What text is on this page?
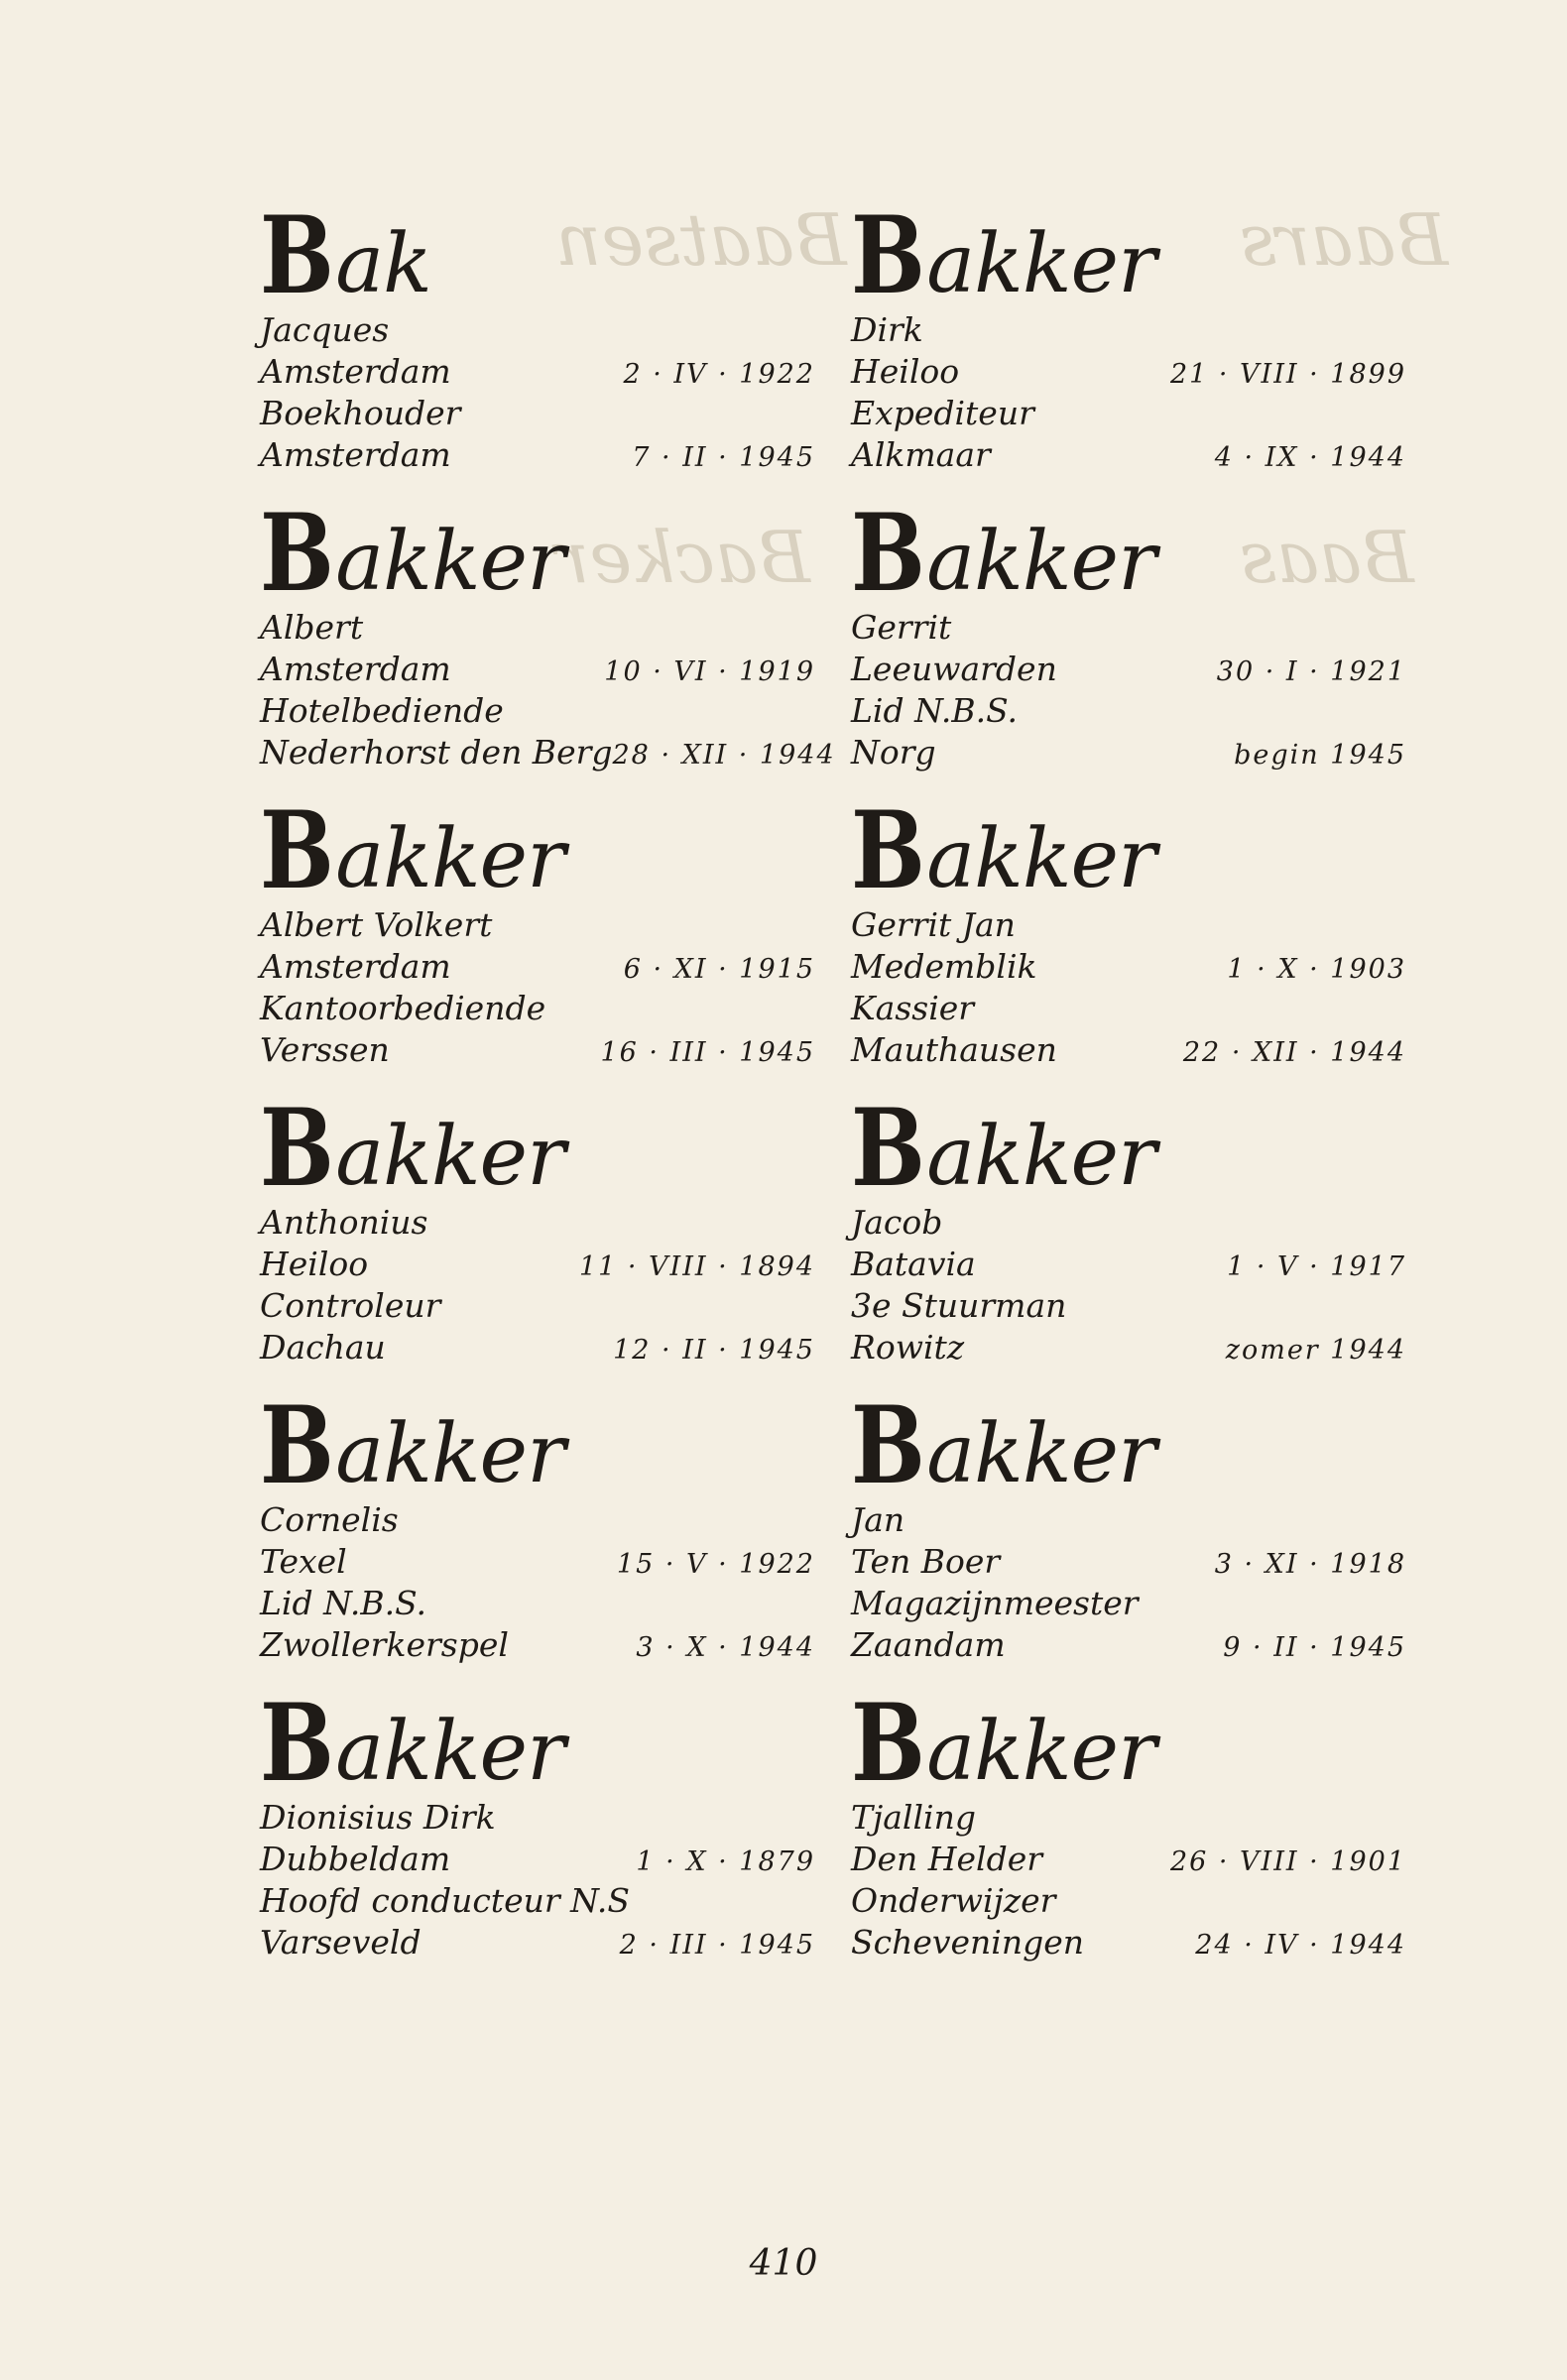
Baatsen	Baars
Backer	Baas
B ak
Jacques
Amsterdam	2 · IV · 1922
Boekhouder
Amsterdam	7 · II · 1945
B akker
Albert
Amsterdam	10 · VI · 1919
Hotelbediende
Nederhorst den Berg 28 · XII · 1944
B akker
Albert Volkert
Amsterdam	6 · XI · 1915
Kantoorbediende
Verssen	16 · III · 1945
B akker
Anthonius
Heiloo	11 · VIII · 1894
Controleur
Dachau	12 · II · 1945
B akker
Cornelis
Texel	15 · V · 1922
Lid N.B.S.
Zwollerkerspel	3 · X · 1944
B akker
Dionisius Dirk
Dubbeldam	1 · X · 1879
Hoofd conducteur N.S
Varseveld	2 · III · 1945
B akker
Dirk
Heiloo	21 · VIII · 1899
Expediteur
Alkmaar	4 · IX · 1944
B akker
Gerrit
Leeuwarden	30 · I · 1921
Lid N.B.S.
Norg	begin 1945
B akker
Gerrit Jan
Medemblik	1 · X · 1903
Kassier
Mauthausen	22 · XII · 1944
B akker
Jacob
Batavia	1 · V · 1917
3e Stuurman
Rowitz	zomer 1944
B akker
Jan
Ten Boer	3 · XI · 1918
Magazijnmeester
Zaandam	9 · II · 1945
B akker
Tjalling
Den Helder	26 · VIII · 1901
Onderwijzer
Scheveningen	24 · IV · 1944
410
